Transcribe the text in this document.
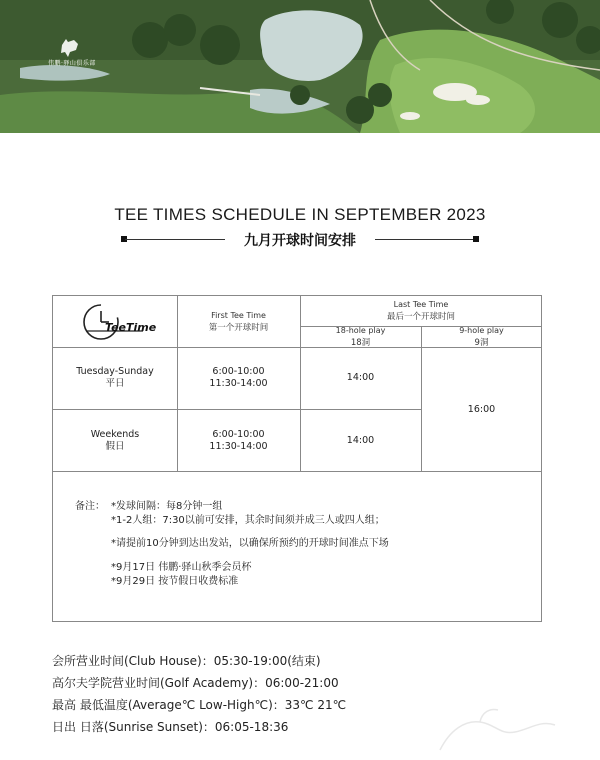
伟鹏·驿山俱乐部
TEE TIMES SCHEDULE IN SEPTEMBER 2023
九月开球时间安排
TeeTime
First Tee Time
第一个开球时间
Last Tee Time
最后一个开球时间
18-hole play
18洞
9-hole play
9洞
Tuesday-Sunday
平日
6:00-10:00
11:30-14:00
14:00
Weekends
假日
6:00-10:00
11:30-14:00
14:00
16:00
备注： *发球间隔：每8分钟一组
*1-2人组：7:30以前可安排，其余时间须并成三人或四人组；
*请提前10分钟到达出发站，以确保所预约的开球时间准点下场
*9月17日 伟鹏·驿山秋季会员杯
*9月29日 按节假日收费标准
会所营业时间(Club House)：05:30-19:00(结束)
高尔夫学院营业时间(Golf Academy)：06:00-21:00
最高 最低温度(Average℃ Low-High℃)：33℃ 21℃
日出 日落(Sunrise Sunset)：06:05-18:36
